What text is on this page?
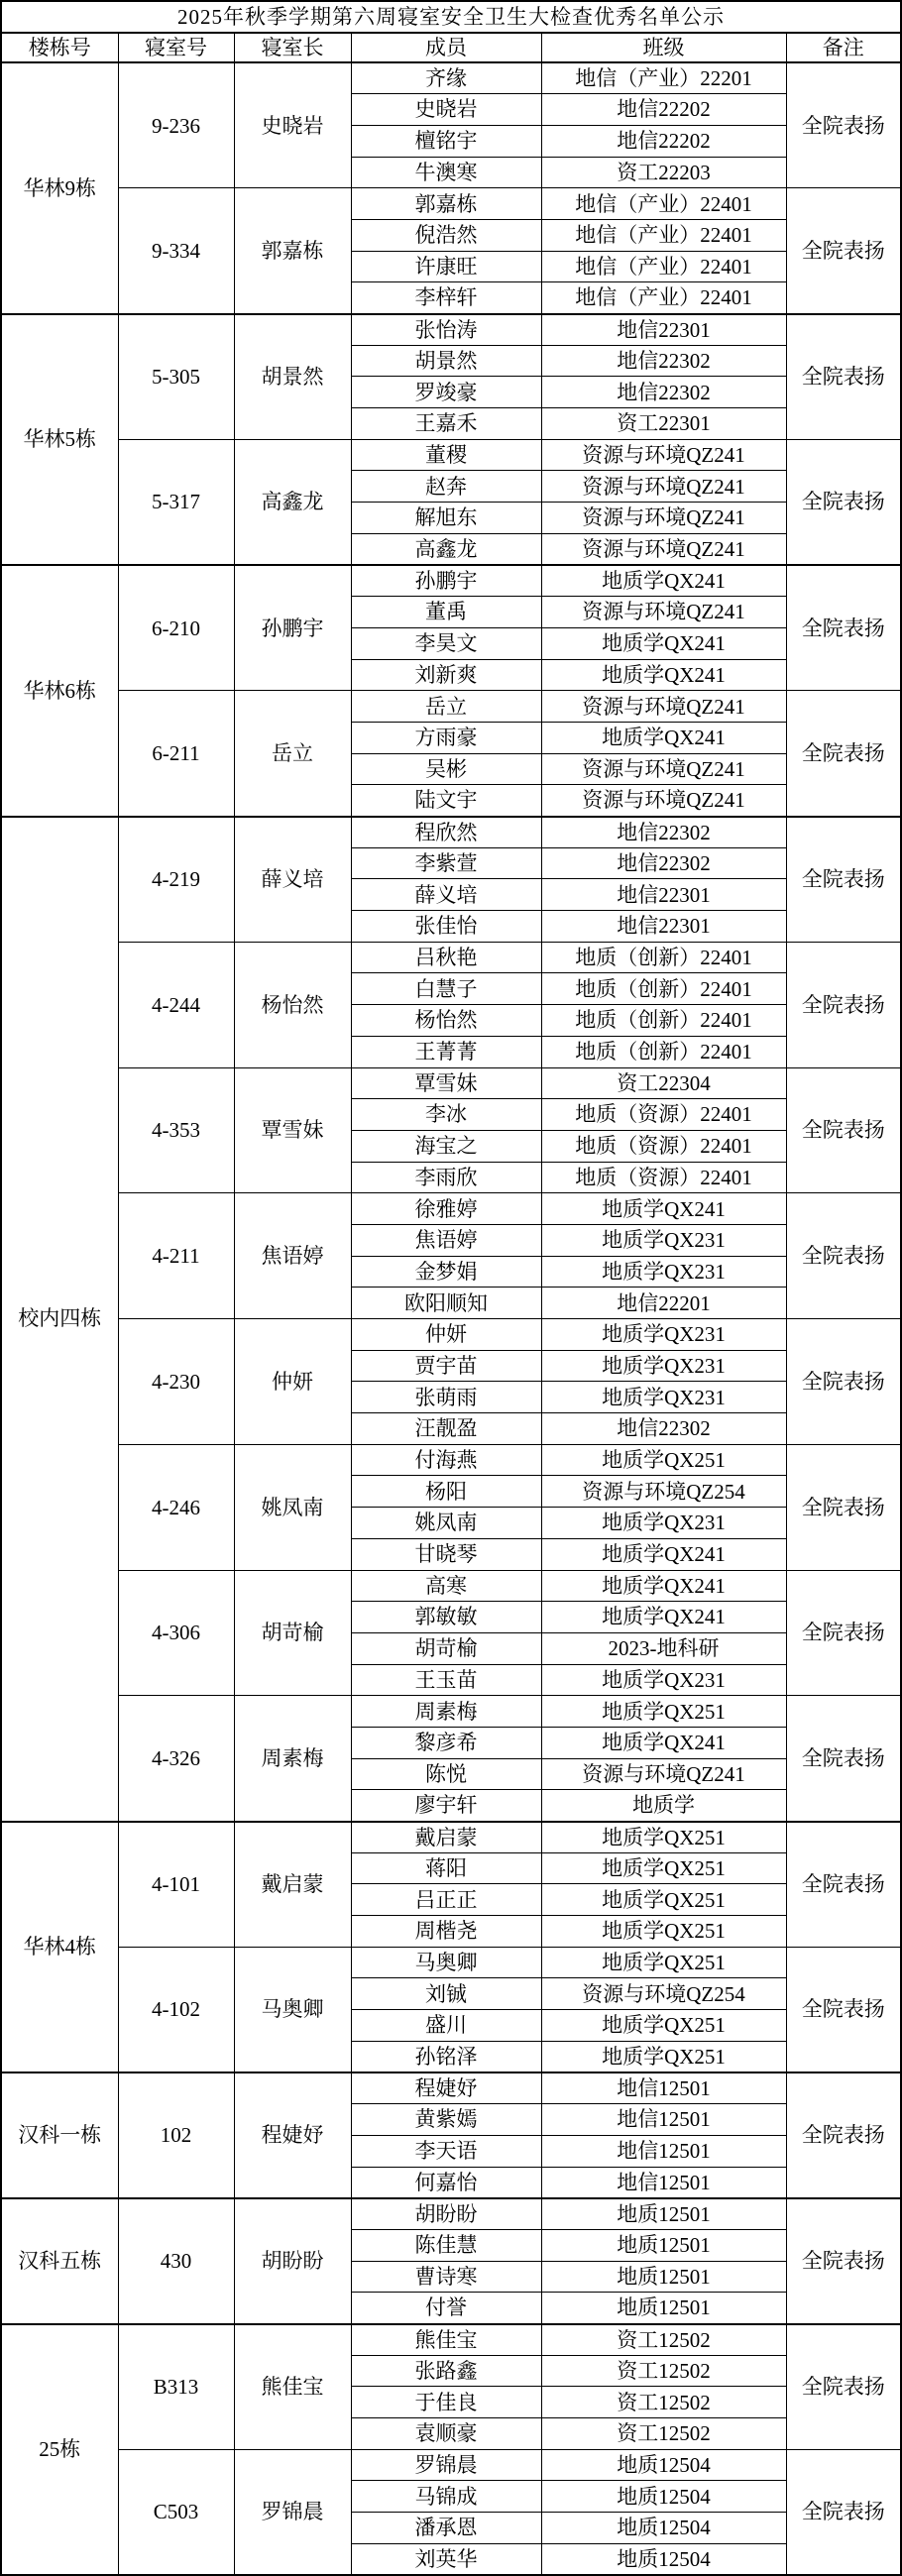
2025年秋季学期第六周寝室安全卫生大检查优秀名单公示					
楼栋号	寝室号	寝室长	成员	班级	备注
华林9栋	9-236	史晓岩	齐缘	地信（产业）22201	全院表扬
			史晓岩	地信22202	
			檀铭宇	地信22202	
			牛澳寒	资工22203	
	9-334	郭嘉栋	郭嘉栋	地信（产业）22401	全院表扬
			倪浩然	地信（产业）22401	
			许康旺	地信（产业）22401	
			李梓轩	地信（产业）22401	
华林5栋	5-305	胡景然	张怡涛	地信22301	全院表扬
			胡景然	地信22302	
			罗竣豪	地信22302	
			王嘉禾	资工22301	
	5-317	高鑫龙	董稷	资源与环境QZ241	全院表扬
			赵奔	资源与环境QZ241	
			解旭东	资源与环境QZ241	
			高鑫龙	资源与环境QZ241	
华林6栋	6-210	孙鹏宇	孙鹏宇	地质学QX241	全院表扬
			董禹	资源与环境QZ241	
			李昊文	地质学QX241	
			刘新爽	地质学QX241	
	6-211	岳立	岳立	资源与环境QZ241	全院表扬
			方雨豪	地质学QX241	
			吴彬	资源与环境QZ241	
			陆文宇	资源与环境QZ241	
校内四栋	4-219	薛义培	程欣然	地信22302	全院表扬
			李紫萱	地信22302	
			薛义培	地信22301	
			张佳怡	地信22301	
	4-244	杨怡然	吕秋艳	地质（创新）22401	全院表扬
			白慧子	地质（创新）22401	
			杨怡然	地质（创新）22401	
			王菁菁	地质（创新）22401	
	4-353	覃雪妹	覃雪妹	资工22304	全院表扬
			李冰	地质（资源）22401	
			海宝之	地质（资源）22401	
			李雨欣	地质（资源）22401	
	4-211	焦语婷	徐雅婷	地质学QX241	全院表扬
			焦语婷	地质学QX231	
			金梦娟	地质学QX231	
			欧阳顺知	地信22201	
	4-230	仲妍	仲妍	地质学QX231	全院表扬
			贾宇苗	地质学QX231	
			张萌雨	地质学QX231	
			汪靓盈	地信22302	
	4-246	姚凤南	付海燕	地质学QX251	全院表扬
			杨阳	资源与环境QZ254	
			姚凤南	地质学QX231	
			甘晓琴	地质学QX241	
	4-306	胡苛榆	高寒	地质学QX241	全院表扬
			郭敏敏	地质学QX241	
			胡苛榆	2023-地科研	
			王玉苗	地质学QX231	
	4-326	周素梅	周素梅	地质学QX251	全院表扬
			黎彦希	地质学QX241	
			陈悦	资源与环境QZ241	
			廖宇轩	地质学	
华林4栋	4-101	戴启蒙	戴启蒙	地质学QX251	全院表扬
			蒋阳	地质学QX251	
			吕正正	地质学QX251	
			周楷尧	地质学QX251	
	4-102	马奥卿	马奥卿	地质学QX251	全院表扬
			刘铖	资源与环境QZ254	
			盛川	地质学QX251	
			孙铭泽	地质学QX251	
汉科一栋	102	程婕妤	程婕妤	地信12501	全院表扬
			黄紫嫣	地信12501	
			李天语	地信12501	
			何嘉怡	地信12501	
汉科五栋	430	胡盼盼	胡盼盼	地质12501	全院表扬
			陈佳慧	地质12501	
			曹诗寒	地质12501	
			付誉	地质12501	
25栋	B313	熊佳宝	熊佳宝	资工12502	全院表扬
			张路鑫	资工12502	
			于佳良	资工12502	
			袁顺豪	资工12502	
	C503	罗锦晨	罗锦晨	地质12504	全院表扬
			马锦成	地质12504	
			潘承恩	地质12504	
			刘英华	地质12504	
